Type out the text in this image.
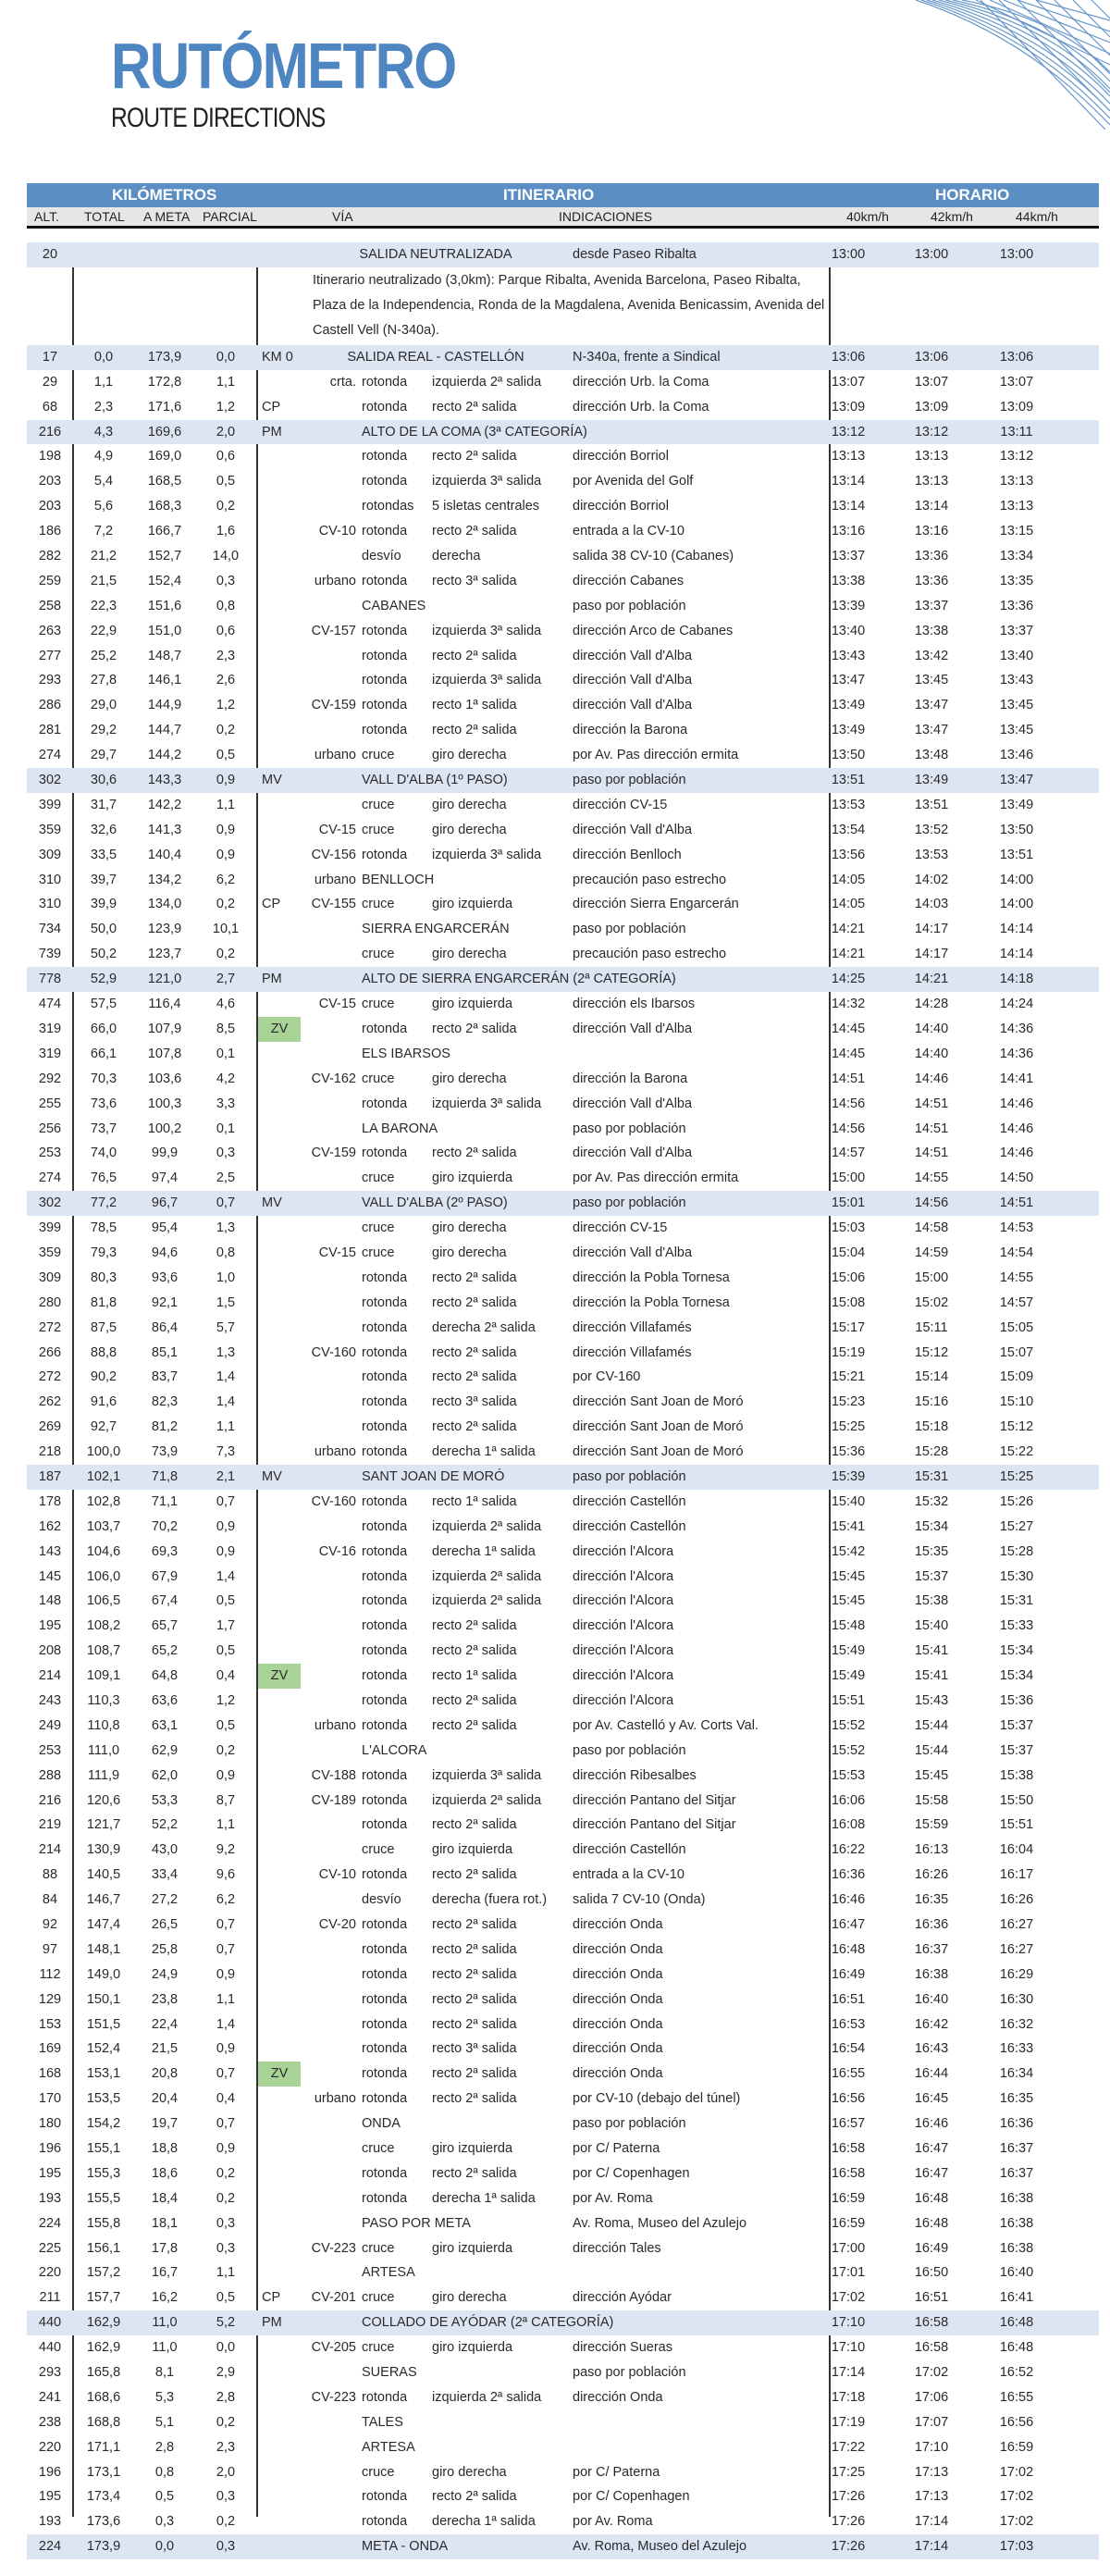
RUTÓMETRO
ROUTE DIRECTIONS
KILÓMETROS	ITINERARIO	HORARIO
ALT. TOTAL A META PARCIAL	VÍA	INDICACIONES	40km/h	42km/h	44km/h
20	SALIDA NEUTRALIZADA	desde Paseo Ribalta	13:00	13:00	13:00
Itinerario neutralizado (3,0km): Parque Ribalta, Avenida Barcelona, Paseo Ribalta, Plaza de la Independencia, Ronda de la Magdalena, Avenida Benicassim, Avenida del Castell Vell (N-340a).
17	0,0	173,9	0,0	KM 0	SALIDA REAL - CASTELLÓN	N-340a, frente a Sindical	13:06	13:06	13:06
29	1,1	172,8	1,1	crta. rotonda	izquierda 2ª salida	dirección Urb. la Coma	13:07	13:07	13:07
68	2,3	171,6	1,2	CP	rotonda	recto 2ª salida	dirección Urb. la Coma	13:09	13:09	13:09
216	4,3	169,6	2,0	PM	ALTO DE LA COMA (3ª CATEGORÍA)	13:12	13:12	13:11
198	4,9	169,0	0,6	rotonda	recto 2ª salida	dirección Borriol	13:13	13:13	13:12
203	5,4	168,5	0,5	rotonda	izquierda 3ª salida	por Avenida del Golf	13:14	13:13	13:13
203	5,6	168,3	0,2	rotondas	5 isletas centrales	dirección Borriol	13:14	13:14	13:13
186	7,2	166,7	1,6	CV-10 rotonda	recto 2ª salida	entrada a la CV-10	13:16	13:16	13:15
282	21,2	152,7	14,0	desvío	derecha	salida 38 CV-10 (Cabanes)	13:37	13:36	13:34
259	21,5	152,4	0,3	urbano rotonda	recto 3ª salida	dirección Cabanes	13:38	13:36	13:35
258	22,3	151,6	0,8	CABANES	paso por población	13:39	13:37	13:36
263	22,9	151,0	0,6	CV-157 rotonda	izquierda 3ª salida	dirección Arco de Cabanes	13:40	13:38	13:37
277	25,2	148,7	2,3	rotonda	recto 2ª salida	dirección Vall d'Alba	13:43	13:42	13:40
293	27,8	146,1	2,6	rotonda	izquierda 3ª salida	dirección Vall d'Alba	13:47	13:45	13:43
286	29,0	144,9	1,2	CV-159 rotonda	recto 1ª salida	dirección Vall d'Alba	13:49	13:47	13:45
281	29,2	144,7	0,2	rotonda	recto 2ª salida	dirección la Barona	13:49	13:47	13:45
274	29,7	144,2	0,5	urbano cruce	giro derecha	por Av. Pas dirección ermita	13:50	13:48	13:46
302	30,6	143,3	0,9	MV	VALL D'ALBA (1º PASO)	paso por población	13:51	13:49	13:47
399	31,7	142,2	1,1	cruce	giro derecha	dirección CV-15	13:53	13:51	13:49
359	32,6	141,3	0,9	CV-15 cruce	giro derecha	dirección Vall d'Alba	13:54	13:52	13:50
309	33,5	140,4	0,9	CV-156 rotonda	izquierda 3ª salida	dirección Benlloch	13:56	13:53	13:51
310	39,7	134,2	6,2	urbano BENLLOCH	precaución paso estrecho	14:05	14:02	14:00
310	39,9	134,0	0,2	CP	CV-155 cruce	giro izquierda	dirección Sierra Engarcerán	14:05	14:03	14:00
734	50,0	123,9	10,1	SIERRA ENGARCERÁN	paso por población	14:21	14:17	14:14
739	50,2	123,7	0,2	cruce	giro derecha	precaución paso estrecho	14:21	14:17	14:14
778	52,9	121,0	2,7	PM	ALTO DE SIERRA ENGARCERÁN (2ª CATEGORÍA)	14:25	14:21	14:18
474	57,5	116,4	4,6	CV-15 cruce	giro izquierda	dirección els Ibarsos	14:32	14:28	14:24
319	66,0	107,9	8,5	ZV	rotonda	recto 2ª salida	dirección Vall d'Alba	14:45	14:40	14:36
319	66,1	107,8	0,1	ELS IBARSOS	14:45	14:40	14:36
292	70,3	103,6	4,2	CV-162 cruce	giro derecha	dirección la Barona	14:51	14:46	14:41
255	73,6	100,3	3,3	rotonda	izquierda 3ª salida	dirección Vall d'Alba	14:56	14:51	14:46
256	73,7	100,2	0,1	LA BARONA	paso por población	14:56	14:51	14:46
253	74,0	99,9	0,3	CV-159 rotonda	recto 2ª salida	dirección Vall d'Alba	14:57	14:51	14:46
274	76,5	97,4	2,5	cruce	giro izquierda	por Av. Pas dirección ermita	15:00	14:55	14:50
302	77,2	96,7	0,7	MV	VALL D'ALBA (2º PASO)	paso por población	15:01	14:56	14:51
399	78,5	95,4	1,3	cruce	giro derecha	dirección CV-15	15:03	14:58	14:53
359	79,3	94,6	0,8	CV-15 cruce	giro derecha	dirección Vall d'Alba	15:04	14:59	14:54
309	80,3	93,6	1,0	rotonda	recto 2ª salida	dirección la Pobla Tornesa	15:06	15:00	14:55
280	81,8	92,1	1,5	rotonda	recto 2ª salida	dirección la Pobla Tornesa	15:08	15:02	14:57
272	87,5	86,4	5,7	rotonda	derecha 2ª salida	dirección Villafamés	15:17	15:11	15:05
266	88,8	85,1	1,3	CV-160 rotonda	recto 2ª salida	dirección Villafamés	15:19	15:12	15:07
272	90,2	83,7	1,4	rotonda	recto 2ª salida	por CV-160	15:21	15:14	15:09
262	91,6	82,3	1,4	rotonda	recto 3ª salida	dirección Sant Joan de Moró	15:23	15:16	15:10
269	92,7	81,2	1,1	rotonda	recto 2ª salida	dirección Sant Joan de Moró	15:25	15:18	15:12
218	100,0	73,9	7,3	urbano rotonda	derecha 1ª salida	dirección Sant Joan de Moró	15:36	15:28	15:22
187	102,1	71,8	2,1	MV	SANT JOAN DE MORÓ	paso por población	15:39	15:31	15:25
178	102,8	71,1	0,7	CV-160 rotonda	recto 1ª salida	dirección Castellón	15:40	15:32	15:26
162	103,7	70,2	0,9	rotonda	izquierda 2ª salida	dirección Castellón	15:41	15:34	15:27
143	104,6	69,3	0,9	CV-16 rotonda	derecha 1ª salida	dirección l'Alcora	15:42	15:35	15:28
145	106,0	67,9	1,4	rotonda	izquierda 2ª salida	dirección l'Alcora	15:45	15:37	15:30
148	106,5	67,4	0,5	rotonda	izquierda 2ª salida	dirección l'Alcora	15:45	15:38	15:31
195	108,2	65,7	1,7	rotonda	recto 2ª salida	dirección l'Alcora	15:48	15:40	15:33
208	108,7	65,2	0,5	rotonda	recto 2ª salida	dirección l'Alcora	15:49	15:41	15:34
214	109,1	64,8	0,4	ZV	rotonda	recto 1ª salida	dirección l'Alcora	15:49	15:41	15:34
243	110,3	63,6	1,2	rotonda	recto 2ª salida	dirección l'Alcora	15:51	15:43	15:36
249	110,8	63,1	0,5	urbano rotonda	recto 2ª salida	por Av. Castelló y Av. Corts Val.	15:52	15:44	15:37
253	111,0	62,9	0,2	L'ALCORA	paso por población	15:52	15:44	15:37
288	111,9	62,0	0,9	CV-188 rotonda	izquierda 3ª salida	dirección Ribesalbes	15:53	15:45	15:38
216	120,6	53,3	8,7	CV-189 rotonda	izquierda 2ª salida	dirección Pantano del Sitjar	16:06	15:58	15:50
219	121,7	52,2	1,1	rotonda	recto 2ª salida	dirección Pantano del Sitjar	16:08	15:59	15:51
214	130,9	43,0	9,2	cruce	giro izquierda	dirección Castellón	16:22	16:13	16:04
88	140,5	33,4	9,6	CV-10 rotonda	recto 2ª salida	entrada a la CV-10	16:36	16:26	16:17
84	146,7	27,2	6,2	desvío	derecha (fuera rot.)	salida 7 CV-10 (Onda)	16:46	16:35	16:26
92	147,4	26,5	0,7	CV-20 rotonda	recto 2ª salida	dirección Onda	16:47	16:36	16:27
97	148,1	25,8	0,7	rotonda	recto 2ª salida	dirección Onda	16:48	16:37	16:27
112	149,0	24,9	0,9	rotonda	recto 2ª salida	dirección Onda	16:49	16:38	16:29
129	150,1	23,8	1,1	rotonda	recto 2ª salida	dirección Onda	16:51	16:40	16:30
153	151,5	22,4	1,4	rotonda	recto 2ª salida	dirección Onda	16:53	16:42	16:32
169	152,4	21,5	0,9	rotonda	recto 3ª salida	dirección Onda	16:54	16:43	16:33
168	153,1	20,8	0,7	ZV	rotonda	recto 2ª salida	dirección Onda	16:55	16:44	16:34
170	153,5	20,4	0,4	urbano rotonda	recto 2ª salida	por CV-10 (debajo del túnel)	16:56	16:45	16:35
180	154,2	19,7	0,7	ONDA	paso por población	16:57	16:46	16:36
196	155,1	18,8	0,9	cruce	giro izquierda	por C/ Paterna	16:58	16:47	16:37
195	155,3	18,6	0,2	rotonda	recto 2ª salida	por C/ Copenhagen	16:58	16:47	16:37
193	155,5	18,4	0,2	rotonda	derecha 1ª salida	por Av. Roma	16:59	16:48	16:38
224	155,8	18,1	0,3	PASO POR META	Av. Roma, Museo del Azulejo	16:59	16:48	16:38
225	156,1	17,8	0,3	CV-223 cruce	giro izquierda	dirección Tales	17:00	16:49	16:38
220	157,2	16,7	1,1	ARTESA	17:01	16:50	16:40
211	157,7	16,2	0,5	CP	CV-201 cruce	giro derecha	dirección Ayódar	17:02	16:51	16:41
440	162,9	11,0	5,2	PM	COLLADO DE AYÓDAR (2ª CATEGORÍA)	17:10	16:58	16:48
440	162,9	11,0	0,0	CV-205 cruce	giro izquierda	dirección Sueras	17:10	16:58	16:48
293	165,8	8,1	2,9	SUERAS	paso por población	17:14	17:02	16:52
241	168,6	5,3	2,8	CV-223 rotonda	izquierda 2ª salida	dirección Onda	17:18	17:06	16:55
238	168,8	5,1	0,2	TALES	17:19	17:07	16:56
220	171,1	2,8	2,3	ARTESA	17:22	17:10	16:59
196	173,1	0,8	2,0	cruce	giro derecha	por C/ Paterna	17:25	17:13	17:02
195	173,4	0,5	0,3	rotonda	recto 2ª salida	por C/ Copenhagen	17:26	17:13	17:02
193	173,6	0,3	0,2	rotonda	derecha 1ª salida	por Av. Roma	17:26	17:14	17:02
224	173,9	0,0	0,3	META - ONDA	Av. Roma, Museo del Azulejo	17:26	17:14	17:03
